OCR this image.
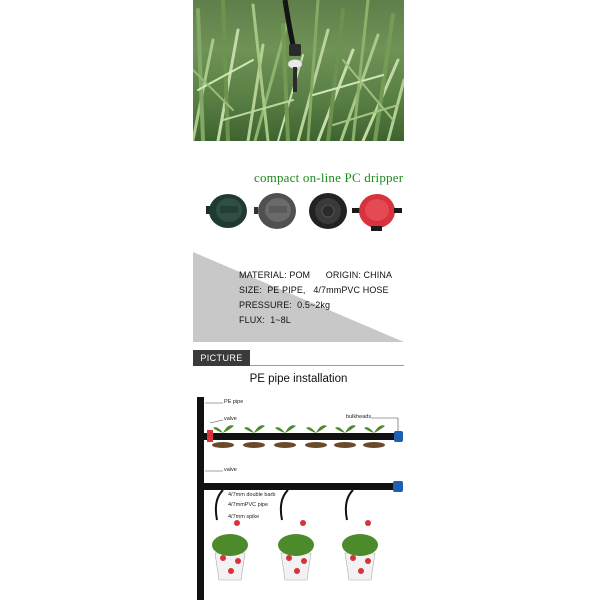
compact on-line PC dripper
MATERIAL: POM      ORIGIN: CHINA
SIZE:  PE PIPE,   4/7mmPVC HOSE
PRESSURE:  0.5~2kg
FLUX:  1~8L
PICTURE
PE pipe installation
PE pipe
valve	bulkheads
valve
4/7mm double barb
4/7mmPVC pipe
4/7mm spike
